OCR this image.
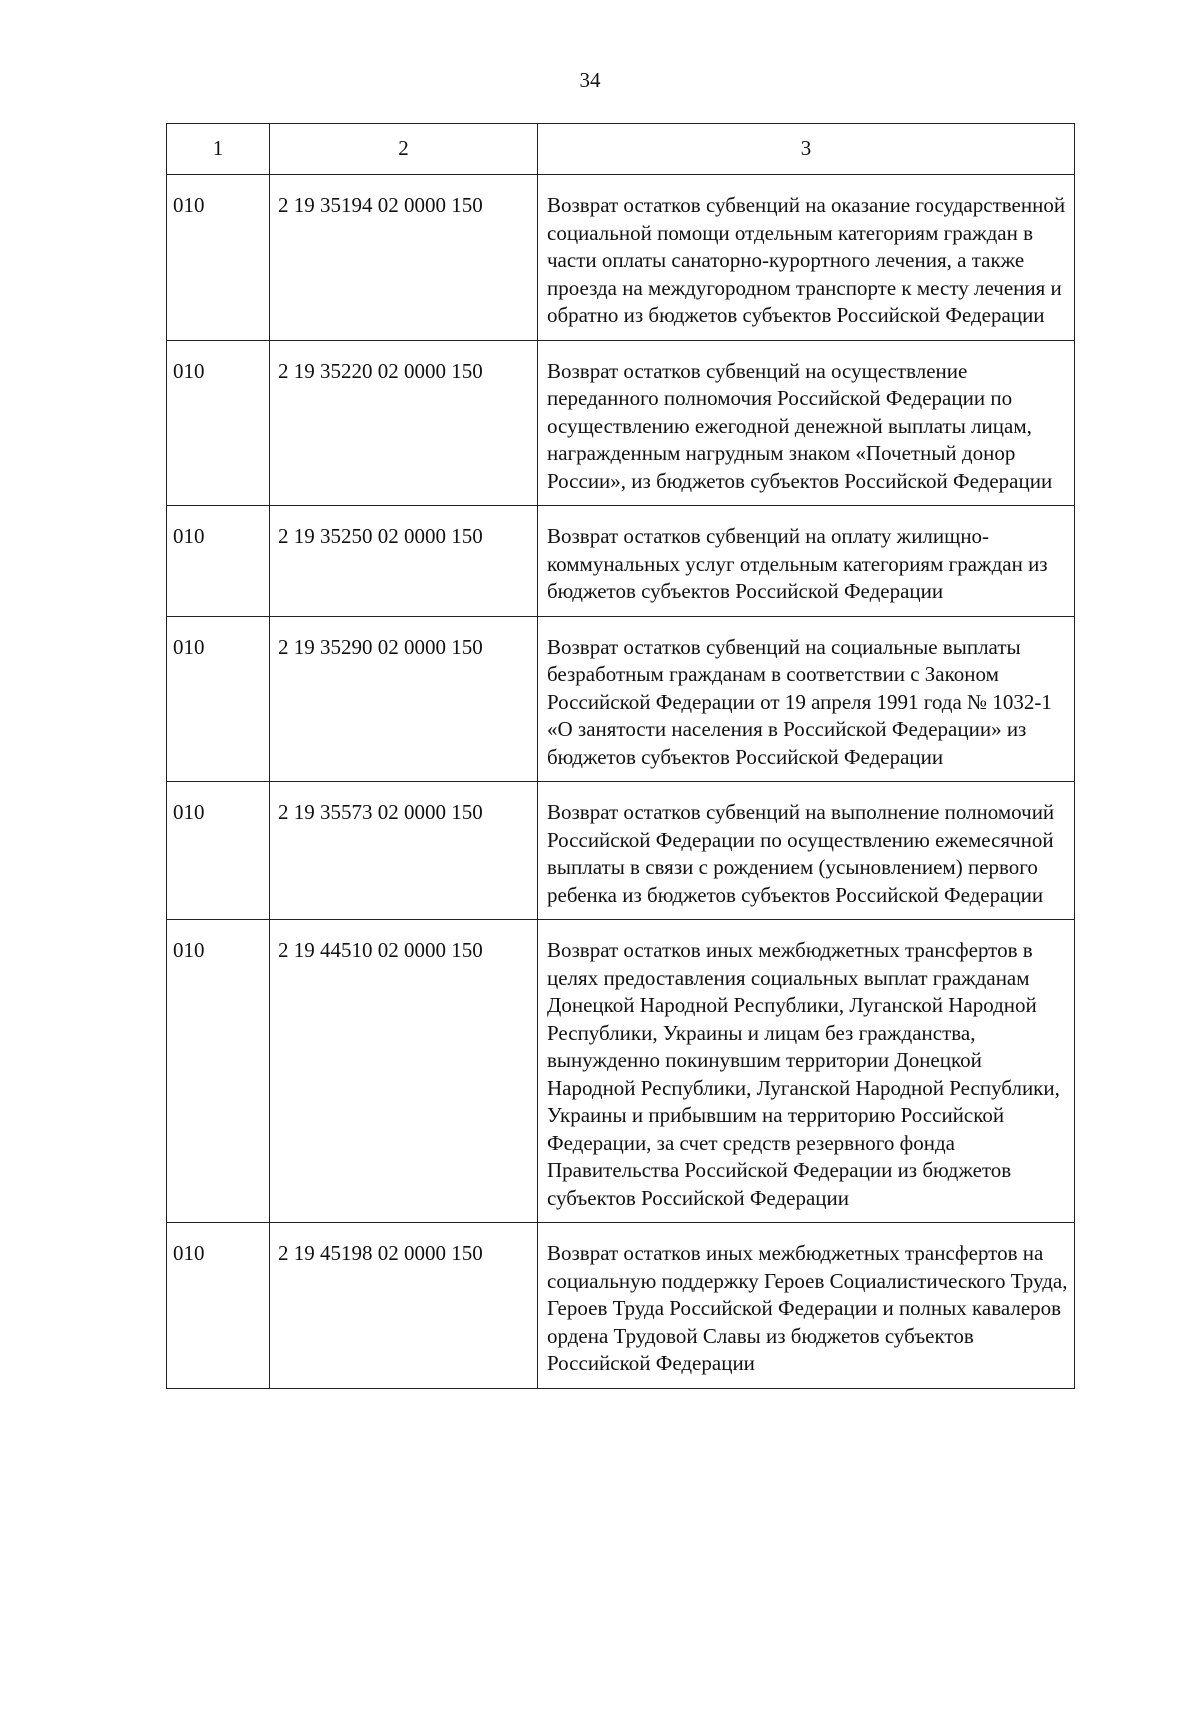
34
1	2	3
010	2 19 35194 02 0000 150	Возврат остатков субвенций на оказание государственной социальной помощи отдельным категориям граждан в части оплаты санаторно-курортного лечения, а также проезда на междугородном транспорте к месту лечения и обратно из бюджетов субъектов Российской Федерации
010	2 19 35220 02 0000 150	Возврат остатков субвенций на осуществление переданного полномочия Российской Федерации по осуществлению ежегодной денежной выплаты лицам, награжденным нагрудным знаком «Почетный донор России», из бюджетов субъектов Российской Федерации
010	2 19 35250 02 0000 150	Возврат остатков субвенций на оплату жилищно-коммунальных услуг отдельным категориям граждан из бюджетов субъектов Российской Федерации
010	2 19 35290 02 0000 150	Возврат остатков субвенций на социальные выплаты безработным гражданам в соответствии с Законом Российской Федерации от 19 апреля 1991 года № 1032-1 «О занятости населения в Российской Федерации» из бюджетов субъектов Российской Федерации
010	2 19 35573 02 0000 150	Возврат остатков субвенций на выполнение полномочий Российской Федерации по осуществлению ежемесячной выплаты в связи с рождением (усыновлением) первого ребенка из бюджетов субъектов Российской Федерации
010	2 19 44510 02 0000 150	Возврат остатков иных межбюджетных трансфертов в целях предоставления социальных выплат гражданам Донецкой Народной Республики, Луганской Народной Республики, Украины и лицам без гражданства, вынужденно покинувшим территории Донецкой Народной Республики, Луганской Народной Республики, Украины и прибывшим на территорию Российской Федерации, за счет средств резервного фонда Правительства Российской Федерации из бюджетов субъектов Российской Федерации
010	2 19 45198 02 0000 150	Возврат остатков иных межбюджетных трансфертов на социальную поддержку Героев Социалистического Труда, Героев Труда Российской Федерации и полных кавалеров ордена Трудовой Славы из бюджетов субъектов Российской Федерации
